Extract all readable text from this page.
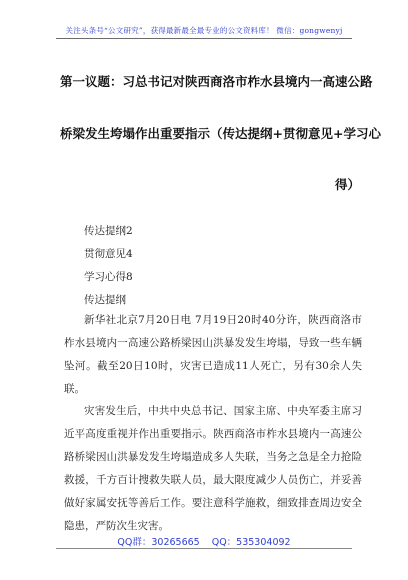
关注头条号“公文研究”，获得最新最全最专业的公文资料库！ 微信：gongwenyj
第一议题：习总书记对陕西商洛市柞水县境内一高速公路
桥梁发生垮塌作出重要指示（传达提纲+贯彻意见+学习心
得）
传达提纲2
贯彻意见4
学习心得8
传达提纲
新华社北京7月20日电 7月19日20时40分许，陕西商洛市柞水县境内一高速公路桥梁因山洪暴发发生垮塌，导致一些车辆坠河。截至20日10时，灾害已造成11人死亡，另有30余人失联。
灾害发生后，中共中央总书记、国家主席、中央军委主席习近平高度重视并作出重要指示。陕西商洛市柞水县境内一高速公路桥梁因山洪暴发发生垮塌造成多人失联，当务之急是全力抢险救援，千方百计搜救失联人员，最大限度减少人员伤亡，并妥善做好家属安抚等善后工作。要注意科学施救，细致排查周边安全隐患，严防次生灾害。
QQ群：30265665 QQ：535304092
